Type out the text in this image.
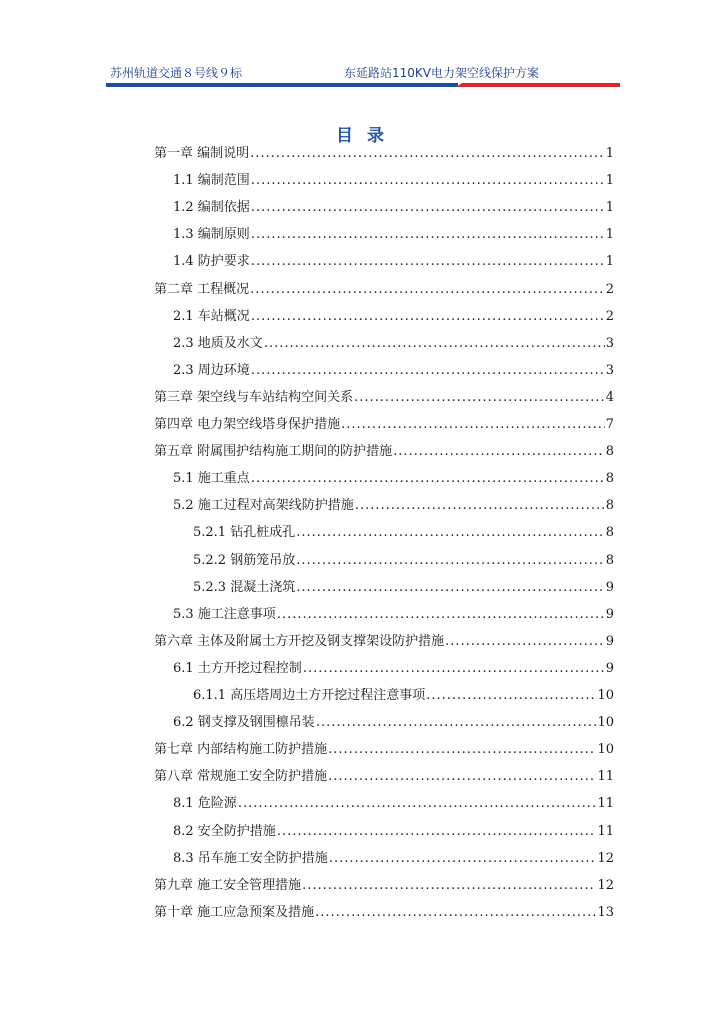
苏州轨道交通８号线９标	东延路站110KV电力架空线保护方案
目 录
第一章 编制说明 .....	1
1.1 编制范围 .....	1
1.2 编制依据 .....	1
1.3 编制原则 .....	1
1.4 防护要求 .....	1
第二章 工程概况 .....	2
2.1 车站概况 .....	2
2.3 地质及水文 .....	3
2.3 周边环境 .....	3
第三章 架空线与车站结构空间关系 .....	4
第四章 电力架空线塔身保护措施 .....	7
第五章 附属围护结构施工期间的防护措施 .....	8
5.1 施工重点 .....	8
5.2 施工过程对高架线防护措施 .....	8
5.2.1 钻孔桩成孔 .....	8
5.2.2 钢筋笼吊放 .....	8
5.2.3 混凝土浇筑 .....	9
5.3 施工注意事项 .....	9
第六章 主体及附属土方开挖及钢支撑架设防护措施 .....	9
6.1 土方开挖过程控制 .....	9
6.1.1 高压塔周边土方开挖过程注意事项 .....	10
6.2 钢支撑及钢围檩吊装 .....	10
第七章 内部结构施工防护措施 .....	10
第八章 常规施工安全防护措施 .....	11
8.1 危险源 .....	11
8.2 安全防护措施 .....	11
8.3 吊车施工安全防护措施 .....	12
第九章 施工安全管理措施 .....	12
第十章 施工应急预案及措施 .....	13
